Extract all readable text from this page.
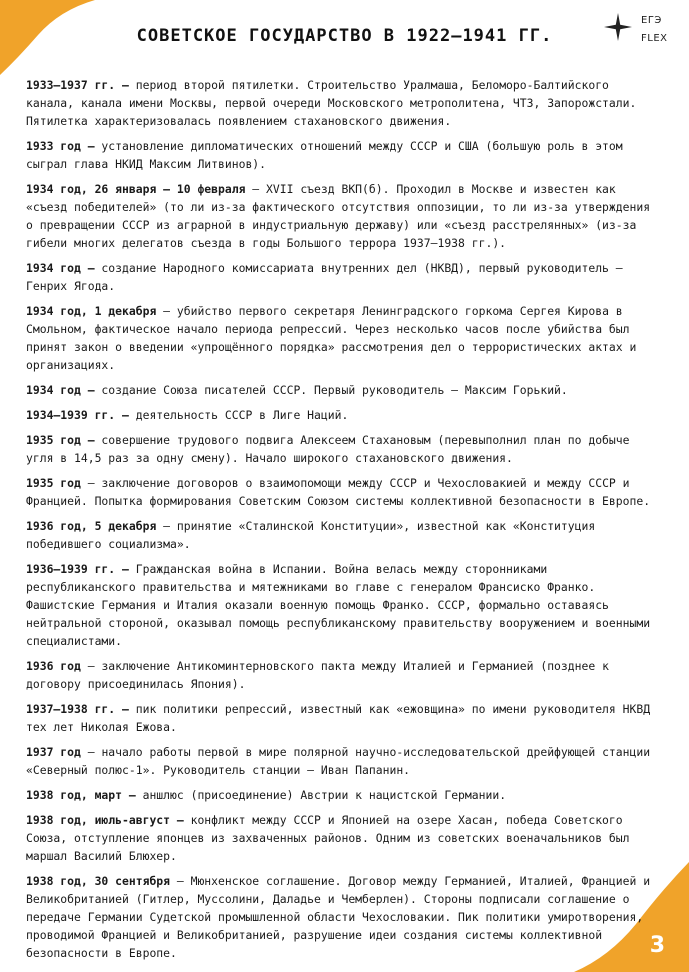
3
ЕГЭ
FLEX
СОВЕТСКОЕ ГОСУДАРСТВО В 1922–1941 ГГ.

1933–1937 гг. – период второй пятилетки. Строительство Уралмаша, Беломоро-Балтийского канала, канала имени Москвы, первой очереди Московского метрополитена, ЧТЗ, Запорожстали. Пятилетка характеризовалась появлением стахановского движения.

1933 год – установление дипломатических отношений между СССР и США (большую роль в этом сыграл глава НКИД Максим Литвинов).

1934 год, 26 января – 10 февраля – XVII съезд ВКП(б). Проходил в Москве и известен как «съезд победителей» (то ли из-за фактического отсутствия оппозиции, то ли из-за утверждения о превращении СССР из аграрной в индустриальную державу) или «съезд расстрелянных» (из-за гибели многих делегатов съезда в годы Большого террора 1937–1938 гг.).

1934 год – создание Народного комиссариата внутренних дел (НКВД), первый руководитель – Генрих Ягода.

1934 год, 1 декабря – убийство первого секретаря Ленинградского горкома Сергея Кирова в Смольном, фактическое начало периода репрессий. Через несколько часов после убийства был принят закон о введении «упрощённого порядка» рассмотрения дел о террористических актах и организациях.

1934 год – создание Союза писателей СССР. Первый руководитель – Максим Горький.

1934–1939 гг. – деятельность СССР в Лиге Наций.

1935 год – совершение трудового подвига Алексеем Стахановым (перевыполнил план по добыче угля в 14,5 раз за одну смену). Начало широкого стахановского движения.

1935 год – заключение договоров о взаимопомощи между СССР и Чехословакией и между СССР и Францией. Попытка формирования Советским Союзом системы коллективной безопасности в Европе.

1936 год, 5 декабря – принятие «Сталинской Конституции», известной как «Конституция победившего социализма».

1936–1939 гг. – Гражданская война в Испании. Война велась между сторонниками республиканского правительства и мятежниками во главе с генералом Франсиско Франко. Фашистские Германия и Италия оказали военную помощь Франко. СССР, формально оставаясь нейтральной стороной, оказывал помощь республиканскому правительству вооружением и военными специалистами.

1936 год – заключение Антикоминтерновского пакта между Италией и Германией (позднее к договору присоединилась Япония).

1937–1938 гг. – пик политики репрессий, известный как «ежовщина» по имени руководителя НКВД тех лет Николая Ежова.

1937 год – начало работы первой в мире полярной научно-исследовательской дрейфующей станции «Северный полюс-1». Руководитель станции – Иван Папанин.

1938 год, март – аншлюс (присоединение) Австрии к нацистской Германии.

1938 год, июль-август – конфликт между СССР и Японией на озере Хасан, победа Советского Союза, отступление японцев из захваченных районов. Одним из советских военачальников был маршал Василий Блюхер.

1938 год, 30 сентября – Мюнхенское соглашение. Договор между Германией, Италией, Францией и Великобританией (Гитлер, Муссолини, Даладье и Чемберлен). Стороны подписали соглашение о передаче Германии Судетской промышленной области Чехословакии. Пик политики умиротворения, проводимой Францией и Великобританией, разрушение идеи создания системы коллективной безопасности в Европе.
